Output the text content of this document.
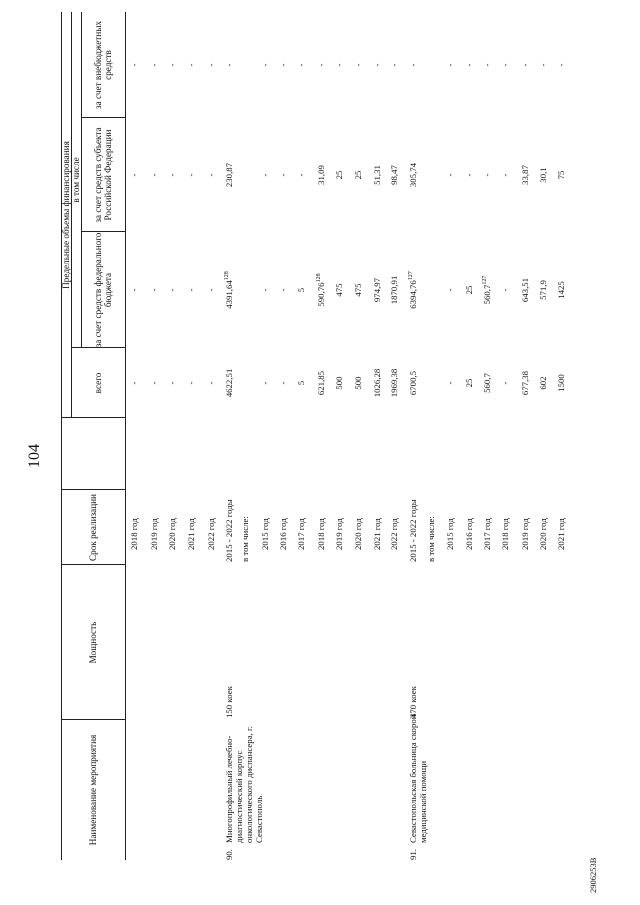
104
Наименование мероприятия
Мощность
Срок реализации
Предельные объемы финансирования в том числе
всего
за счет средств федерального бюджета
за счет средств субъекта Российской Федерации
за счет внебюджетных средств
2018 год
-
-
-
-
2019 год
-
-
-
-
2020 год
-
-
-
-
2021 год
-
-
-
-
2022 год
-
-
-
-
90.
Многопрофильный лечебно-диагностический корпус онкологического диспансера, г. Севастополь
150 коек
2015 - 2022 годы
4622,51
4391,64$^{128}$
230,87
-
в том числе: 2015 год
-
-
-
-
2016 год
-
-
-
-
2017 год
5
5
-
-
2018 год
621,85
590,76$^{128}$
31,09
-
2019 год
500
475
25
-
2020 год
500
475
25
-
2021 год
1026,28
974,97
51,31
-
2022 год
1969,38
1870,91
98,47
-
91.
Севастопольская больница скорой медицинской помощи
470 коек
2015 - 2022 годы
6700,5
6394,76$^{127}$
305,74
-
в том числе: 2015 год
-
-
-
-
2016 год
25
25
-
-
2017 год
560,7
560,7$^{127}$
-
-
2018 год
-
-
-
-
2019 год
677,38
643,51
33,87
-
2020 год
602
571,9
30,1
-
2021 год
1500
1425
75
-
2906253В
